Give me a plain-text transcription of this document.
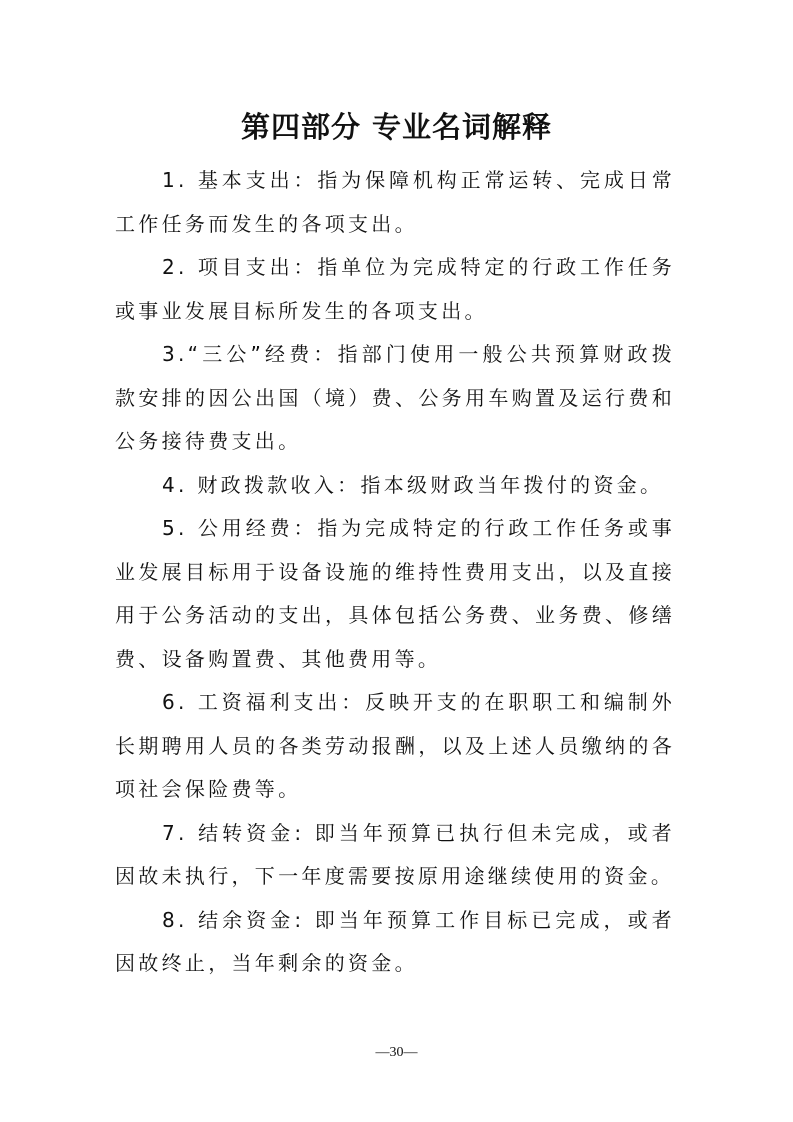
第四部分 专业名词解释

1. 基本支出：指为保障机构正常运转、完成日常工作任务而发生的各项支出。

2. 项目支出：指单位为完成特定的行政工作任务或事业发展目标所发生的各项支出。

3.“三公”经费：指部门使用一般公共预算财政拨款安排的因公出国（境）费、公务用车购置及运行费和公务接待费支出。

4. 财政拨款收入：指本级财政当年拨付的资金。

5. 公用经费：指为完成特定的行政工作任务或事业发展目标用于设备设施的维持性费用支出，以及直接用于公务活动的支出，具体包括公务费、业务费、修缮费、设备购置费、其他费用等。

6. 工资福利支出：反映开支的在职职工和编制外长期聘用人员的各类劳动报酬，以及上述人员缴纳的各项社会保险费等。

7. 结转资金: 即当年预算已执行但未完成，或者因故未执行，下一年度需要按原用途继续使用的资金。

8. 结余资金: 即当年预算工作目标已完成，或者因故终止，当年剩余的资金。

—30—
